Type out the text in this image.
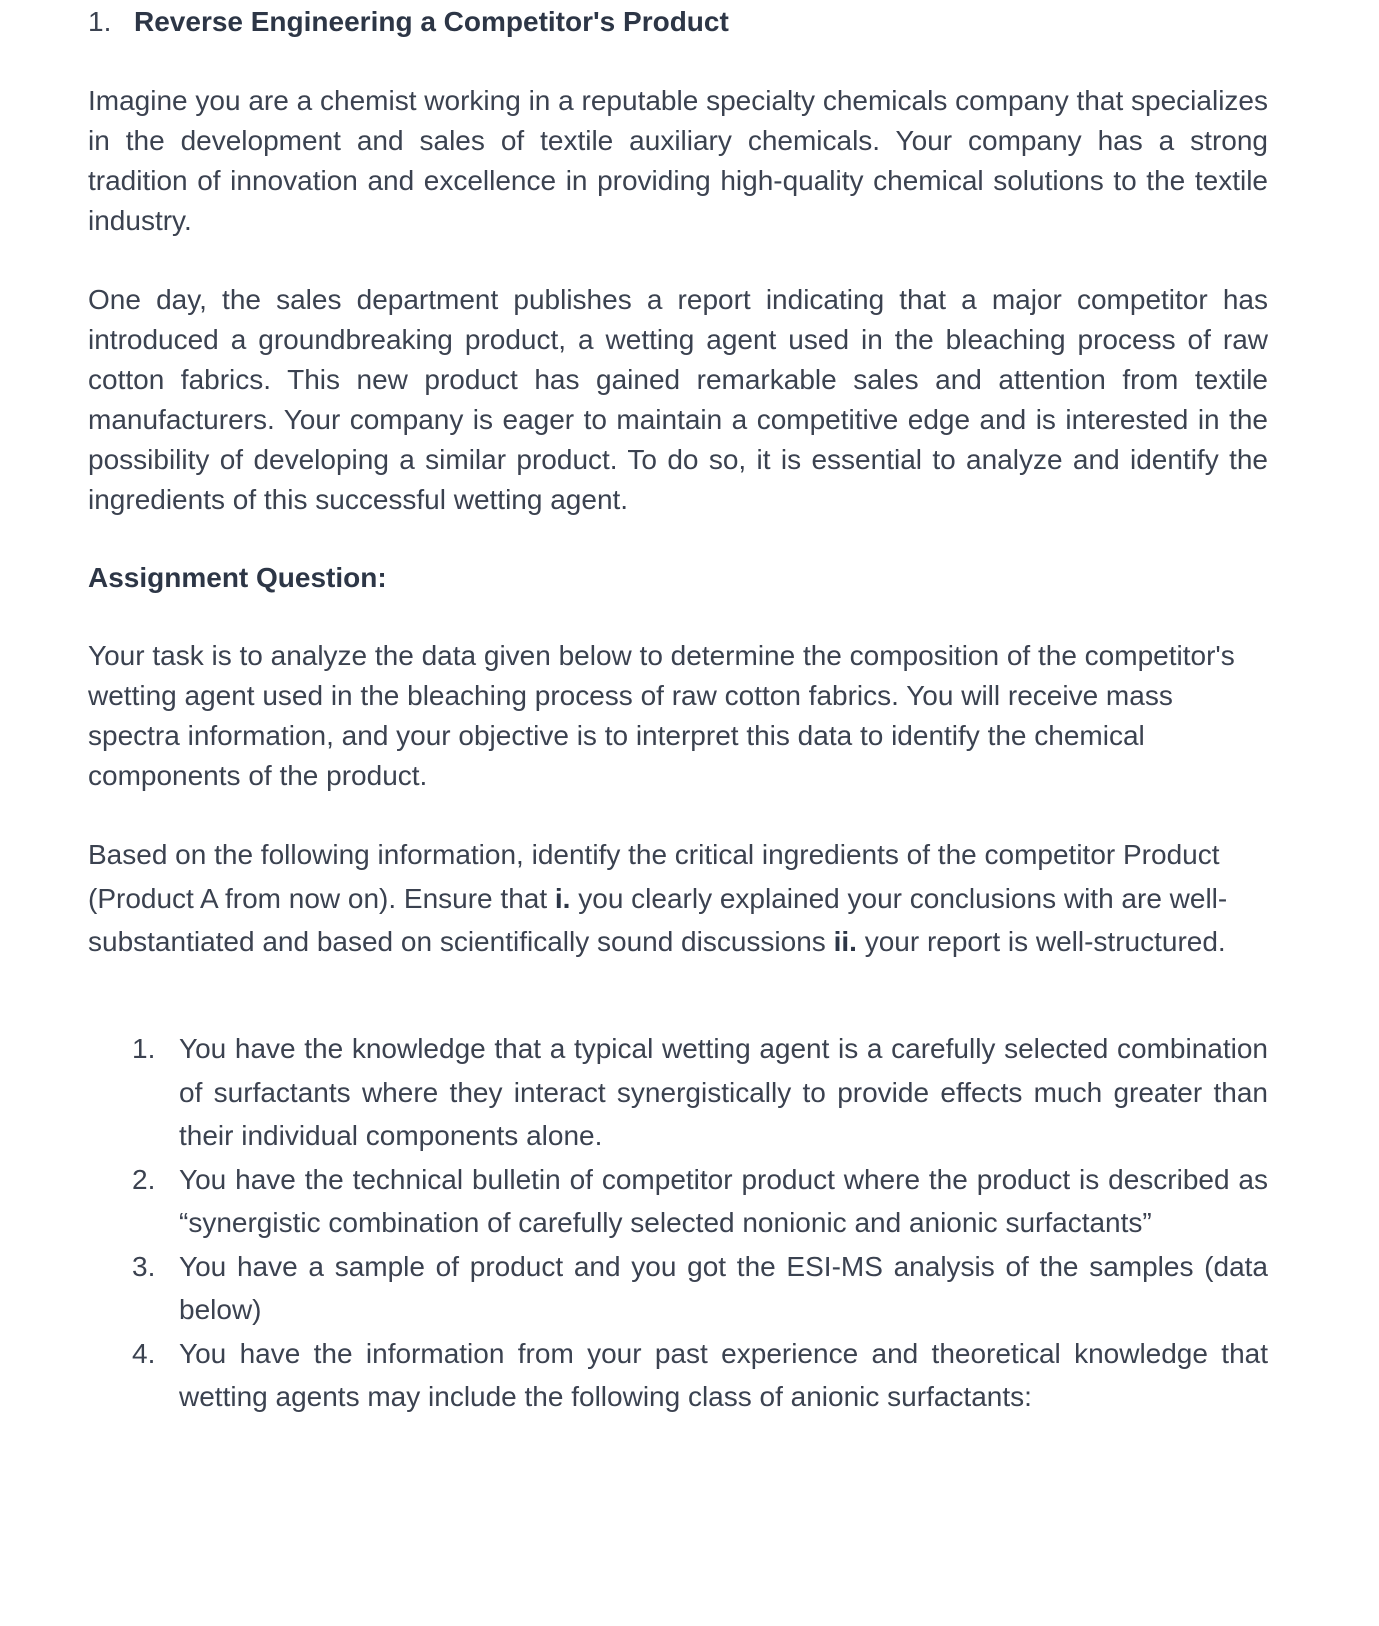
1. Reverse Engineering a Competitor's Product
Imagine you are a chemist working in a reputable specialty chemicals company that specializes in the development and sales of textile auxiliary chemicals. Your company has a strong tradition of innovation and excellence in providing high-quality chemical solutions to the textile industry.
One day, the sales department publishes a report indicating that a major competitor has introduced a groundbreaking product, a wetting agent used in the bleaching process of raw cotton fabrics. This new product has gained remarkable sales and attention from textile manufacturers. Your company is eager to maintain a competitive edge and is interested in the possibility of developing a similar product. To do so, it is essential to analyze and identify the ingredients of this successful wetting agent.
Assignment Question:
Your task is to analyze the data given below to determine the composition of the competitor's wetting agent used in the bleaching process of raw cotton fabrics. You will receive mass spectra information, and your objective is to interpret this data to identify the chemical components of the product.
Based on the following information, identify the critical ingredients of the competitor Product (Product A from now on). Ensure that i. you clearly explained your conclusions with are well-substantiated and based on scientifically sound discussions ii. your report is well-structured.
1. You have the knowledge that a typical wetting agent is a carefully selected combination of surfactants where they interact synergistically to provide effects much greater than their individual components alone.
2. You have the technical bulletin of competitor product where the product is described as “synergistic combination of carefully selected nonionic and anionic surfactants”
3. You have a sample of product and you got the ESI-MS analysis of the samples (data below)
4. You have the information from your past experience and theoretical knowledge that wetting agents may include the following class of anionic surfactants:
